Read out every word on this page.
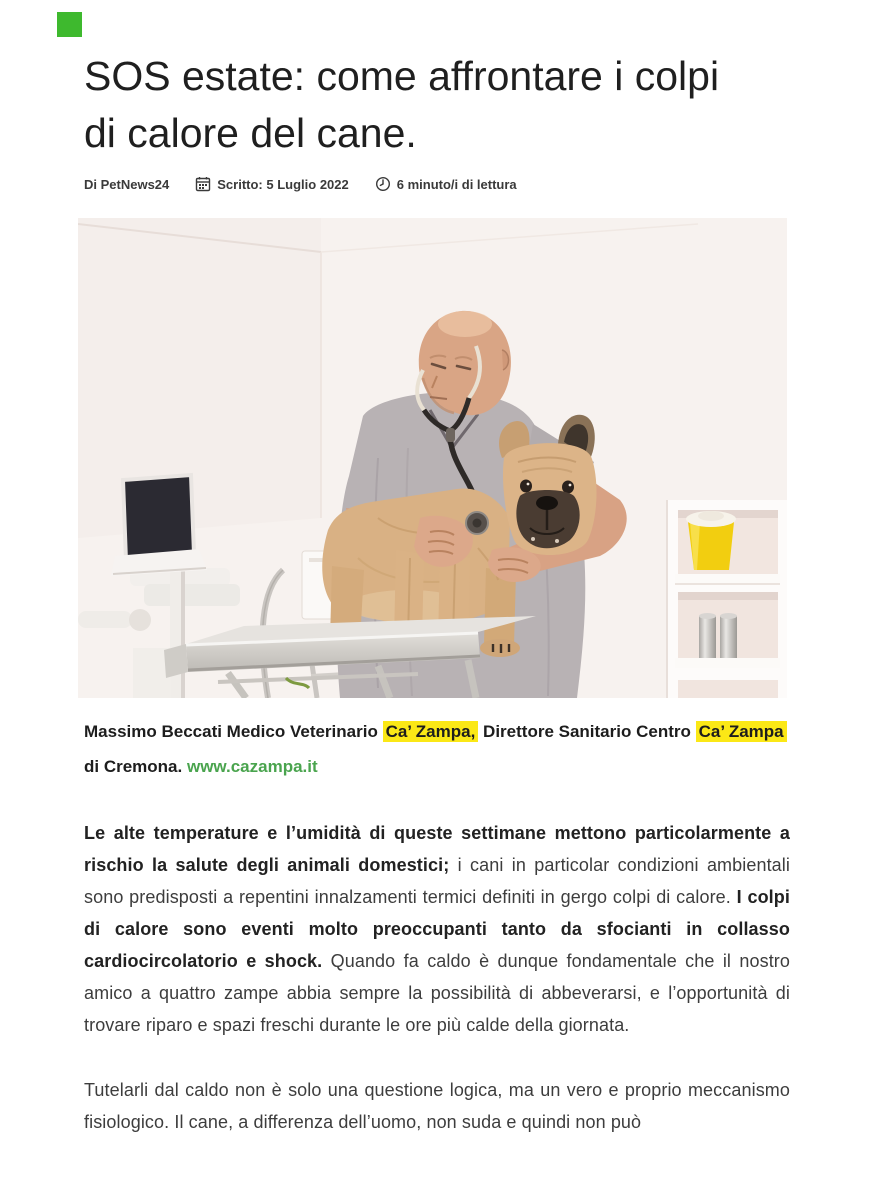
SOS estate: come affrontare i colpi
di calore del cane.
Di PetNews24	Scritto: 5 Luglio 2022	6 minuto/i di lettura
Massimo Beccati Medico Veterinario Ca’ Zampa, Direttore Sanitario Centro Ca’ Zampa di Cremona. www.cazampa.it

Le alte temperature e l’umidità di queste settimane mettono particolarmente a rischio la salute degli animali domestici; i cani in particolar condizioni ambientali sono predisposti a repentini innalzamenti termici definiti in gergo colpi di calore. I colpi di calore sono eventi molto preoccupanti tanto da sfocianti in collasso cardiocircolatorio e shock. Quando fa caldo è dunque fondamentale che il nostro amico a quattro zampe abbia sempre la possibilità di abbeverarsi, e l’opportunità di trovare riparo e spazi freschi durante le ore più calde della giornata.

Tutelarli dal caldo non è solo una questione logica, ma un vero e proprio meccanismo fisiologico. Il cane, a differenza dell’uomo, non suda e quindi non può
